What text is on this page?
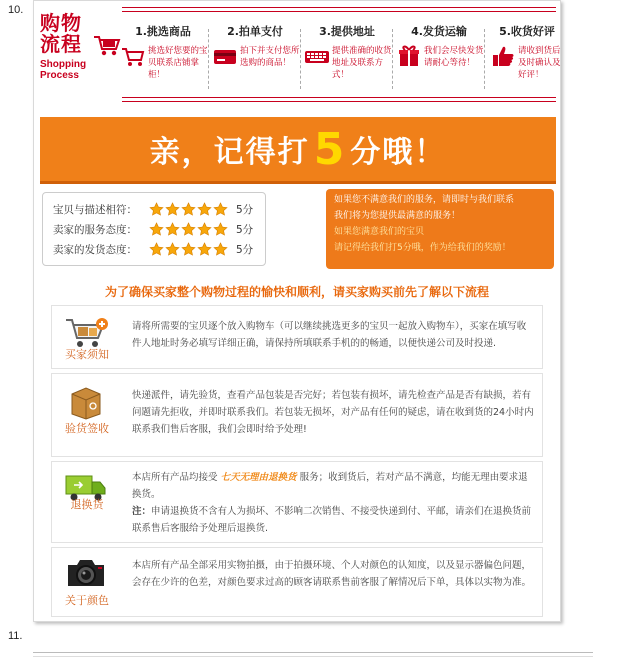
10.
购物
流程
Shopping
Process
1.挑选商品
挑选好您要的宝贝联系店铺掌柜！
2.拍单支付
拍下并支付您所选购的商品！
3.提供地址
提供准确的收货地址及联系方式！
4.发货运输
我们会尽快发货请耐心等待！
5.收货好评
请收到货后及时确认及好评！
亲，记得打 5 分哦！
宝贝与描述相符：	5分
卖家的服务态度：	5分
卖家的发货态度：	5分
如果您不满意我们的服务，请即时与我们联系
我们将为您提供最满意的服务！
如果您满意我们的宝贝
请记得给我们打5分哦，作为给我们的奖励！
为了确保买家整个购物过程的愉快和顺利，请买家购买前先了解以下流程
买家须知
请将所需要的宝贝逐个放入购物车（可以继续挑选更多的宝贝一起放入购物车），买家在填写收件人地址时务必填写详细正确，请保持所填联系手机的的畅通，以便快递公司及时投递.
验货签收
快递派件，请先验货，查看产品包装是否完好；若包装有损坏，请先检查产品是否有缺损，若有问题请先拒收，并即时联系我们。若包装无损坏，对产品有任何的疑虑，请在收到货的24小时内联系我们售后客服，我们会即时给予处理!
退换货
本店所有产品均接受 七天无理由退换货 服务；收到货后，若对产品不满意，均能无理由要求退换货。
注：申请退换货不含有人为损坏、不影响二次销售、不接受快递到付、平邮，请亲们在退换货前联系售后客服给予处理后退换货.
关于颜色
本店所有产品全部采用实物拍摄，由于拍摄环境、个人对颜色的认知度，以及显示器偏色问题，会存在少许的色差，对颜色要求过高的顾客请联系售前客服了解情况后下单，具体以实物为准。
11.
